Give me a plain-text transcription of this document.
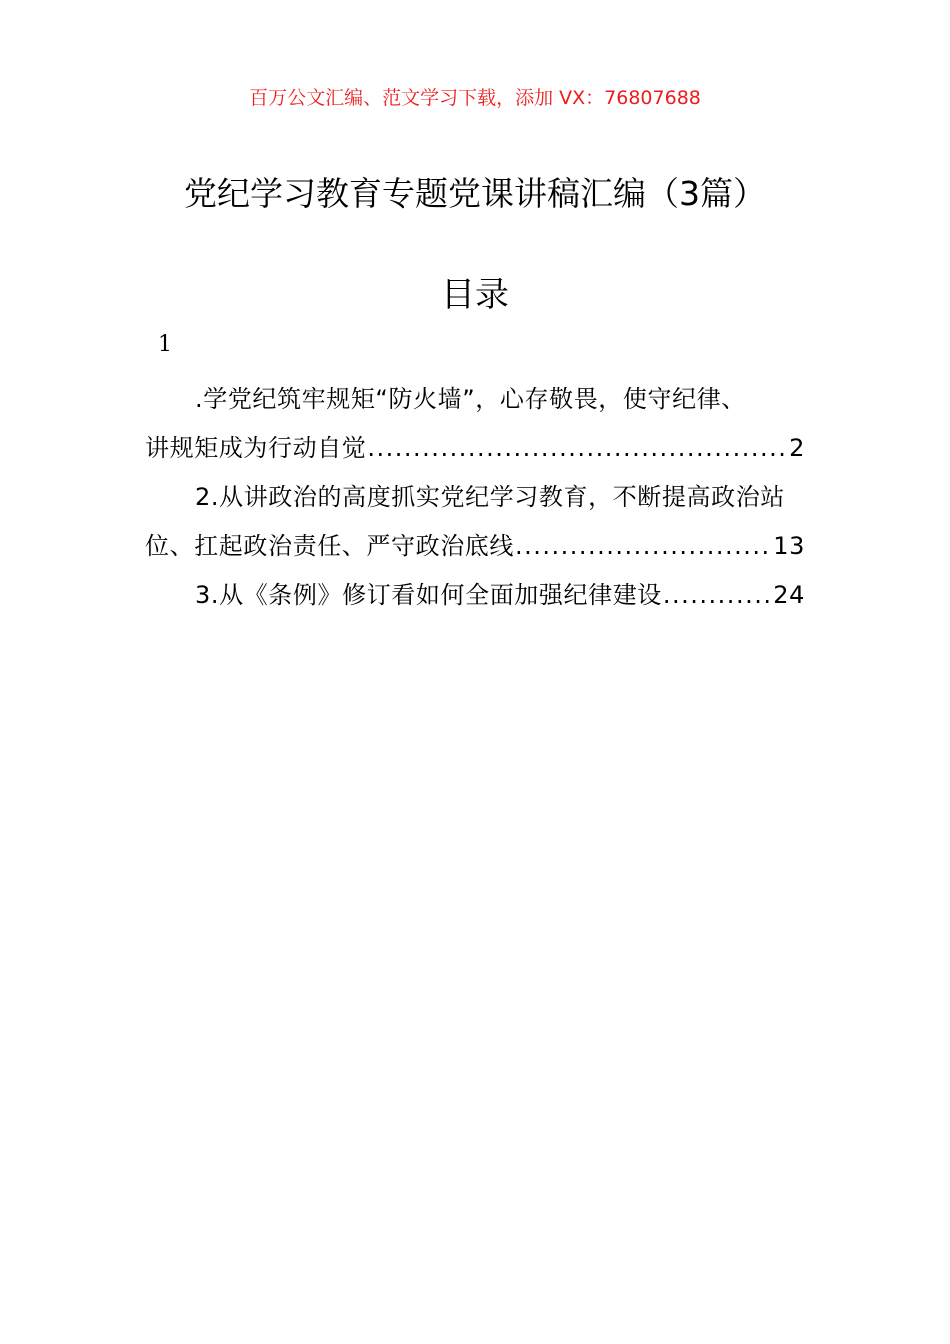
百万公文汇编、范文学习下载，添加 VX：76807688
党纪学习教育专题党课讲稿汇编（3篇）
目录
1
.学党纪筑牢规矩“防火墙”，心存敬畏，使守纪律、
讲规矩成为行动自觉 .....	2
2.从讲政治的高度抓实党纪学习教育，不断提高政治站
位、扛起政治责任、严守政治底线 .....	13
3.从《条例》修订看如何全面加强纪律建设 .....	24
